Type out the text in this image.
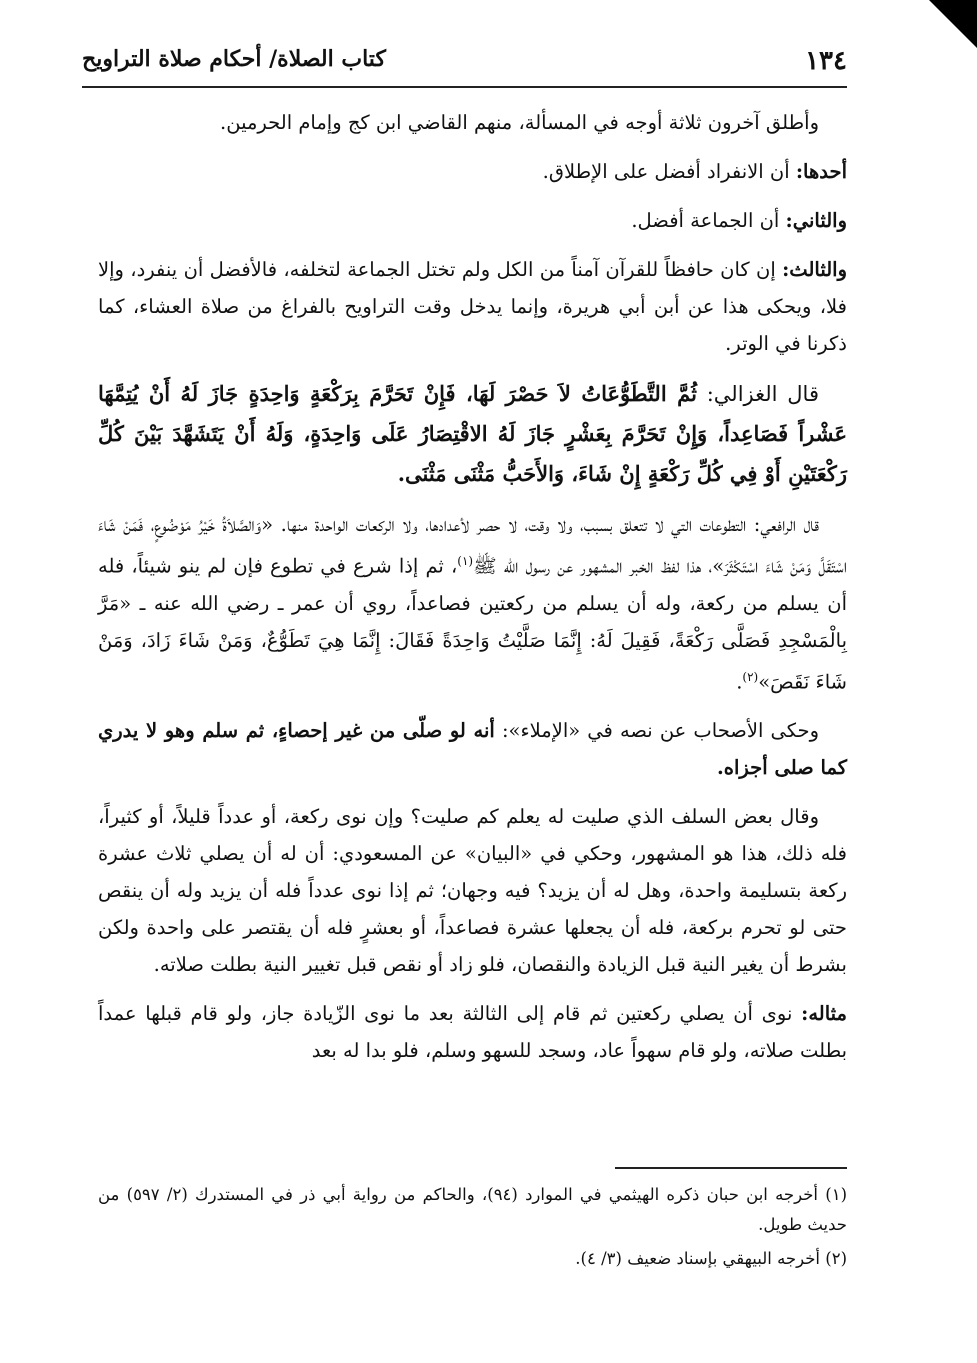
١٣٤
كتاب الصلاة/ أحكام صلاة التراويح

وأطلق آخرون ثلاثة أوجه في المسألة، منهم القاضي ابن كج وإمام الحرمين.

أحدها: أن الانفراد أفضل على الإطلاق.

والثاني: أن الجماعة أفضل.

والثالث: إن كان حافظاً للقرآن آمناً من الكل ولم تختل الجماعة لتخلفه، فالأفضل أن ينفرد، وإلا فلا، ويحكى هذا عن أبن أبي هريرة، وإنما يدخل وقت التراويح بالفراغ من صلاة العشاء، كما ذكرنا في الوتر.

قال الغزالي: ثُمَّ التَّطَوُّعَاتُ لاَ حَصْرَ لَهَا، فَإِنْ تَحَرَّمَ بِرَكْعَةٍ وَاحِدَةٍ جَازَ لَهُ أَنْ يُتِمَّهَا عَشْراً فَصَاعِداً، وَإِنْ تَحَرَّمَ بِعَشْرٍ جَازَ لَهُ الاقْتِصَارُ عَلَى وَاحِدَةٍ، وَلَهُ أَنْ يَتَشَهَّدَ بَيْنَ كُلِّ رَكْعَتَيْنِ أَوْ فِي كُلِّ رَكْعَةٍ إِنْ شَاءَ، وَالأَحَبُّ مَثْنَى مَثْنَى.

قال الرافعي: التطوعات التي لا تتعلق بسبب، ولا وقت، لا حصر لأعدادها، ولا الركعات الواحدة منها. «وَالصَّلاَةُ خَيْرُ مَوْضُوعٍ، فَمَنْ شَاءَ اسْتَقَلَّ وَمَنْ شَاءَ اسْتَكْثَرَ»، هذا لفظ الخبر المشهور عن رسول الله ﷺ$^{(١)}$، ثم إذا شرع في تطوع فإن لم ينو شيئاً، فله أن يسلم من ركعة، وله أن يسلم من ركعتين فصاعداً، روي أن عمر ـ رضي الله عنه ـ «مَرَّ بِالْمَسْجِدِ فَصَلَّى رَكْعَةً، فَقِيلَ لَهُ: إِنَّمَا صَلَّيْتُ وَاحِدَةً فَقَالَ: إِنَّمَا هِيَ تَطَوُّعٌ، وَمَنْ شَاءَ زَادَ، وَمَنْ شَاءَ نَقَصَ»$^{(٢)}$.

وحكى الأصحاب عن نصه في «الإملاء»: أنه لو صلّى من غير إحصاءٍ، ثم سلم وهو لا يدري كما صلى أجزاه.

وقال بعض السلف الذي صليت له يعلم كم صليت؟ وإن نوى ركعة، أو عدداً قليلاً، أو كثيراً، فله ذلك، هذا هو المشهور، وحكي في «البيان» عن المسعودي: أن له أن يصلي ثلاث عشرة ركعة بتسليمة واحدة، وهل له أن يزيد؟ فيه وجهان؛ ثم إذا نوى عدداً فله أن يزيد وله أن ينقص حتى لو تحرم بركعة، فله أن يجعلها عشرة فصاعداً، أو بعشرٍ فله أن يقتصر على واحدة ولكن بشرط أن يغير النية قبل الزيادة والنقصان، فلو زاد أو نقص قبل تغيير النية بطلت صلاته.

مثاله: نوى أن يصلي ركعتين ثم قام إلى الثالثة بعد ما نوى الزّيادة جاز، ولو قام قبلها عمداً بطلت صلاته، ولو قام سهواً عاد، وسجد للسهو وسلم، فلو بدا له بعد

(١) أخرجه ابن حبان ذكره الهيثمي في الموارد (٩٤)، والحاكم من رواية أبي ذر في المستدرك (٢/ ٥٩٧) من حديث طويل.

(٢) أخرجه البيهقي بإسناد ضعيف (٣/ ٤).
